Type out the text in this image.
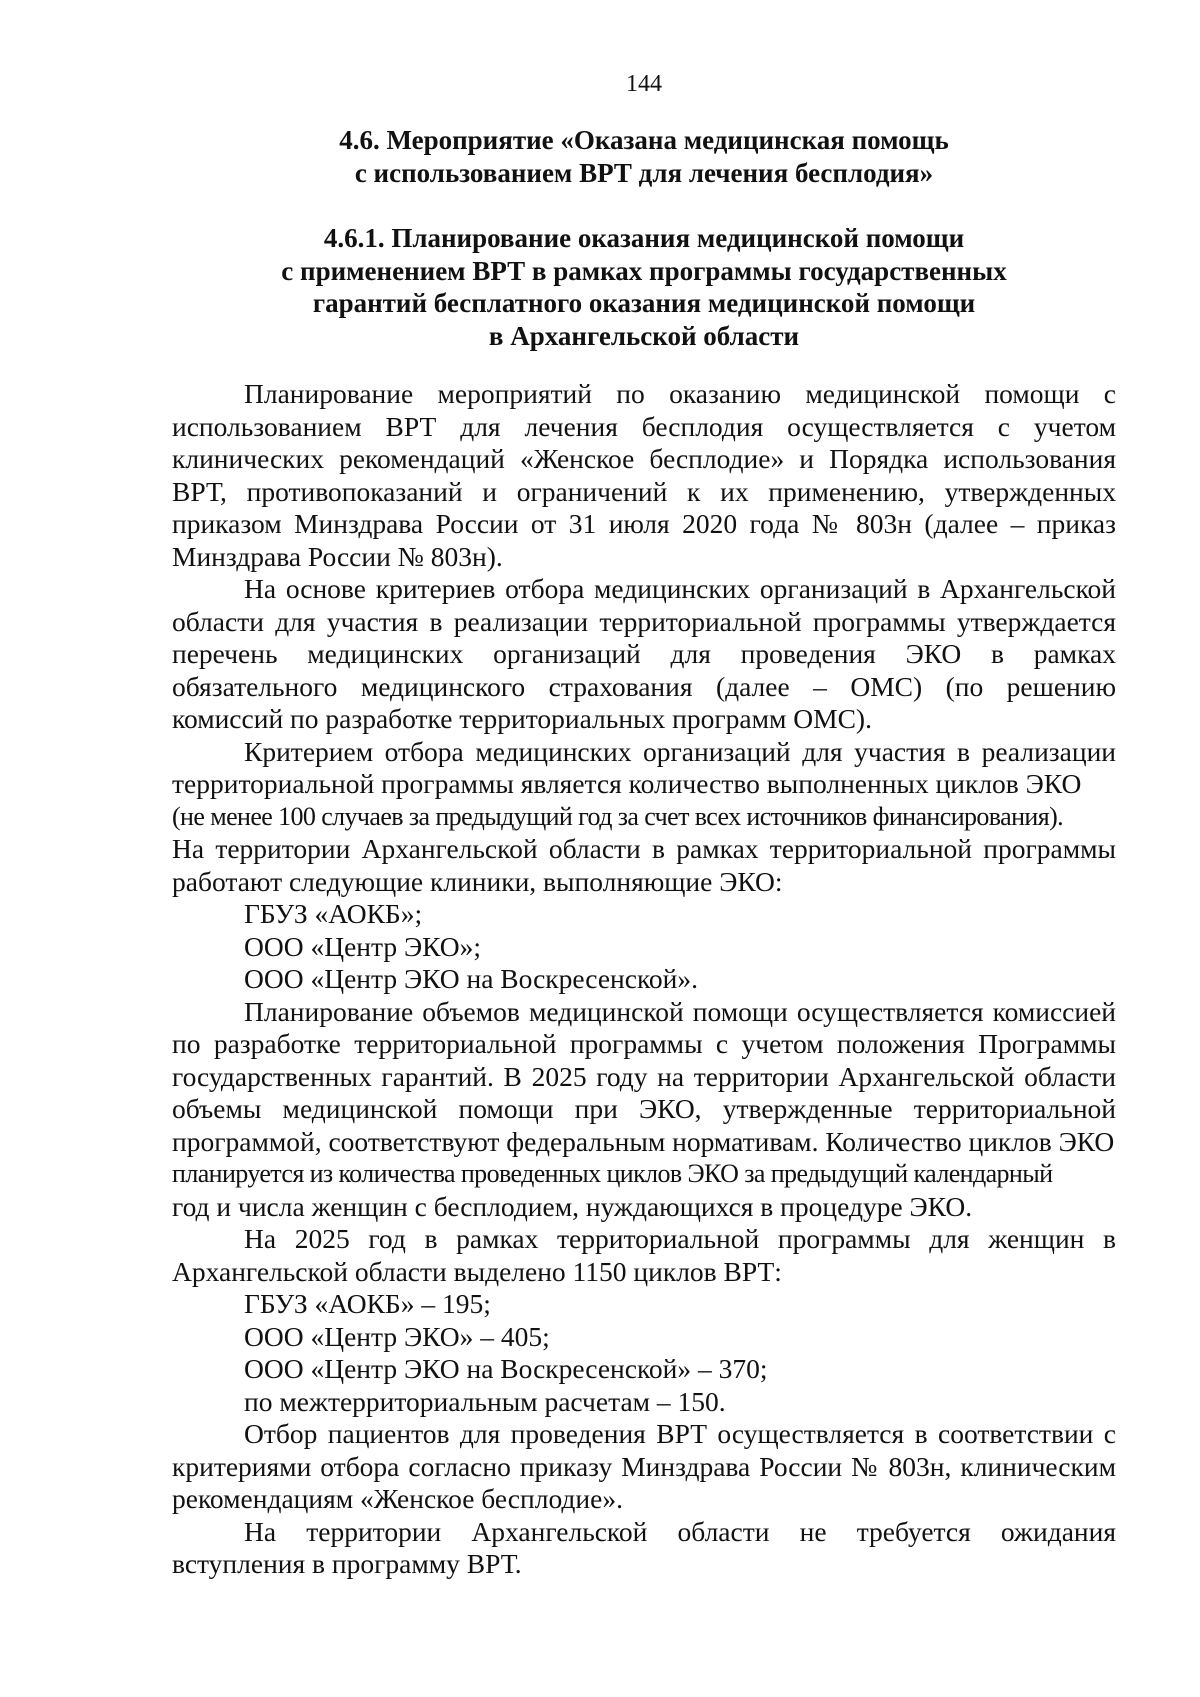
144
4.6. Мероприятие «Оказана медицинская помощь
с использованием ВРТ для лечения бесплодия»
4.6.1. Планирование оказания медицинской помощи
с применением ВРТ в рамках программы государственных
гарантий бесплатного оказания медицинской помощи
в Архангельской области

Планирование мероприятий по оказанию медицинской помощи с использованием ВРТ для лечения бесплодия осуществляется с учетом клинических рекомендаций «Женское бесплодие» и Порядка использования ВРТ, противопоказаний и ограничений к их применению, утвержденных приказом Минздрава России от 31 июля 2020 года № 803н (далее – приказ Минздрава России № 803н).

На основе критериев отбора медицинских организаций в Архангельской области для участия в реализации территориальной программы утверждается перечень медицинских организаций для проведения ЭКО в рамках обязательного медицинского страхования (далее – ОМС) (по решению комиссий по разработке территориальных программ ОМС).

Критерием отбора медицинских организаций для участия в реализации территориальной программы является количество выполненных циклов ЭКО

(не менее 100 случаев за предыдущий год за счет всех источников финансирования).

На территории Архангельской области в рамках территориальной программы работают следующие клиники, выполняющие ЭКО:

ГБУЗ «АОКБ»;

ООО «Центр ЭКО»;

ООО «Центр ЭКО на Воскресенской».

Планирование объемов медицинской помощи осуществляется комиссией по разработке территориальной программы с учетом положения Программы государственных гарантий. В 2025 году на территории Архангельской области объемы медицинской помощи при ЭКО, утвержденные территориальной программой, соответствуют федеральным нормативам. Количество циклов ЭКО

планируется из количества проведенных циклов ЭКО за предыдущий календарный

год и числа женщин с бесплодием, нуждающихся в процедуре ЭКО.

На 2025 год в рамках территориальной программы для женщин в Архангельской области выделено 1150 циклов ВРТ:

ГБУЗ «АОКБ» – 195;

ООО «Центр ЭКО» – 405;

ООО «Центр ЭКО на Воскресенской» – 370;

по межтерриториальным расчетам – 150.

Отбор пациентов для проведения ВРТ осуществляется в соответствии с критериями отбора согласно приказу Минздрава России № 803н, клиническим рекомендациям «Женское бесплодие».

На территории Архангельской области не требуется ожидания вступления в программу ВРТ.
